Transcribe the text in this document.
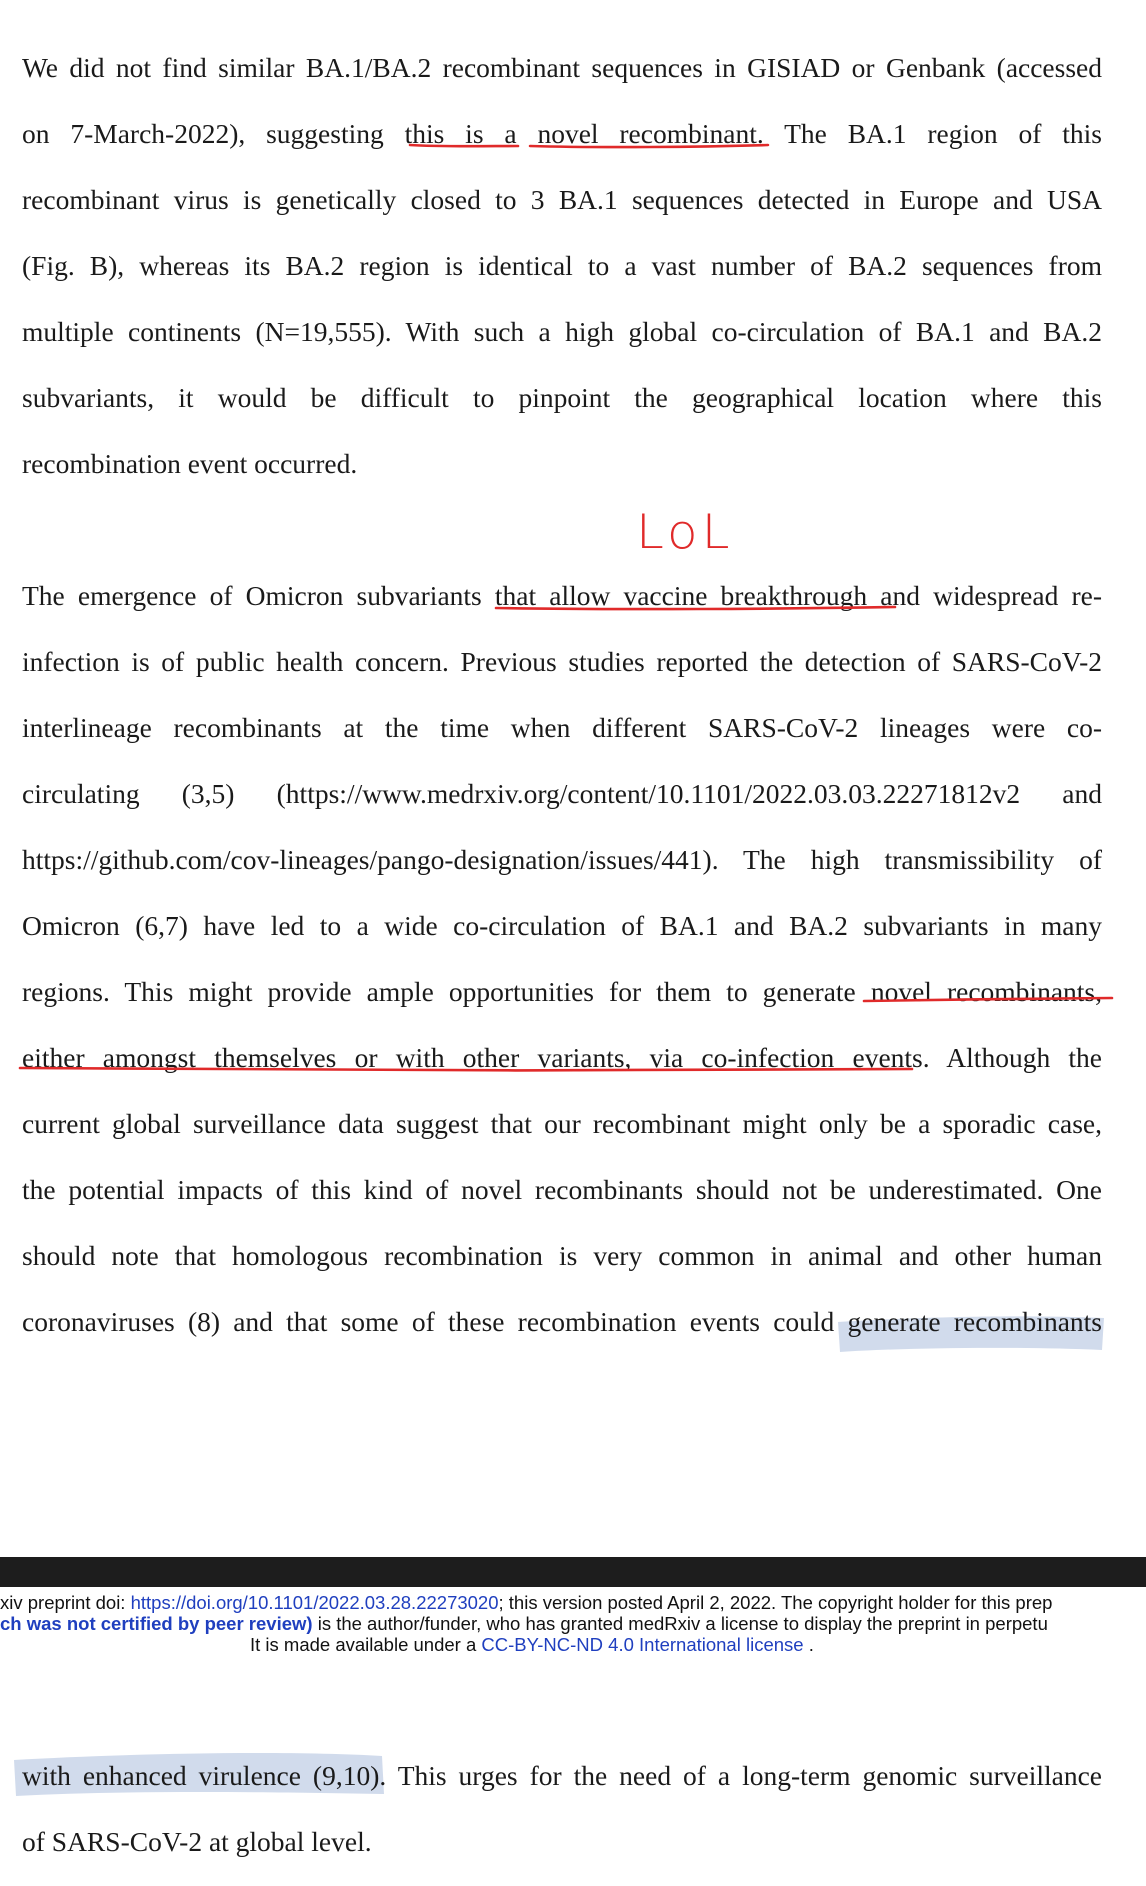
We did not find similar BA.1/BA.2 recombinant sequences in GISIAD or Genbank (accessed
on 7-March-2022), suggesting this is a novel recombinant. The BA.1 region of this
recombinant virus is genetically closed to 3 BA.1 sequences detected in Europe and USA
(Fig. B), whereas its BA.2 region is identical to a vast number of BA.2 sequences from
multiple continents (N=19,555). With such a high global co-circulation of BA.1 and BA.2
subvariants, it would be difficult to pinpoint the geographical location where this
recombination event occurred.
LoL
The emergence of Omicron subvariants that allow vaccine breakthrough and widespread re-
infection is of public health concern. Previous studies reported the detection of SARS-CoV-2
interlineage recombinants at the time when different SARS-CoV-2 lineages were co-
circulating (3,5) (https://www.medrxiv.org/content/10.1101/2022.03.03.22271812v2 and
https://github.com/cov-lineages/pango-designation/issues/441). The high transmissibility of
Omicron (6,7) have led to a wide co-circulation of BA.1 and BA.2 subvariants in many
regions. This might provide ample opportunities for them to generate novel recombinants,
either amongst themselves or with other variants, via co-infection events. Although the
current global surveillance data suggest that our recombinant might only be a sporadic case,
the potential impacts of this kind of novel recombinants should not be underestimated. One
should note that homologous recombination is very common in animal and other human
coronaviruses (8) and that some of these recombination events could generate recombinants
xiv preprint doi: https://doi.org/10.1101/2022.03.28.22273020; this version posted April 2, 2022. The copyright holder for this prep
ch was not certified by peer review) is the author/funder, who has granted medRxiv a license to display the preprint in perpetu
It is made available under a CC-BY-NC-ND 4.0 International license .
with enhanced virulence (9,10). This urges for the need of a long-term genomic surveillance
of SARS-CoV-2 at global level.
